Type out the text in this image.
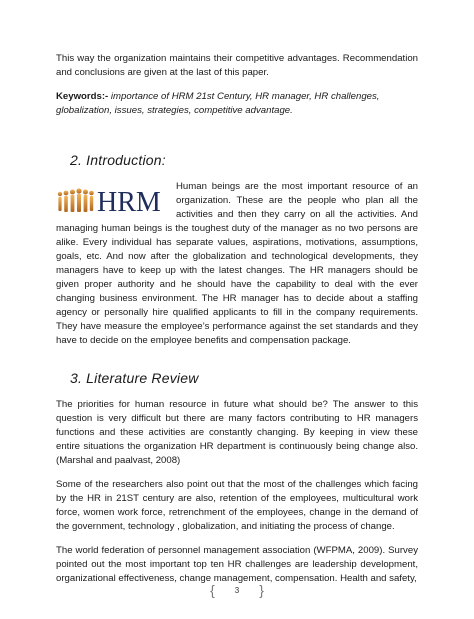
This way the organization maintains their competitive advantages. Recommendation and conclusions are given at the last of this paper.

Keywords:- importance of HRM 21st Century, HR manager, HR challenges, globalization, issues, strategies, competitive advantage.

2. Introduction:
HRM
Human beings are the most important resource of an organization. These are the people who plan all the activities and then they carry on all the activities. And managing human beings is the toughest duty of the manager as no two persons are alike. Every individual has separate values, aspirations, motivations, assumptions, goals, etc. And now after the globalization and technological developments, they managers have to keep up with the latest changes. The HR managers should be given proper authority and he should have the capability to deal with the ever changing business environment. The HR manager has to decide about a staffing agency or personally hire qualified applicants to fill in the company requirements. They have measure the employee’s performance against the set standards and they have to decide on the employee benefits and compensation package.
3. Literature Review

The priorities for human resource in future what should be? The answer to this question is very difficult but there are many factors contributing to HR managers functions and these activities are constantly changing. By keeping in view these entire situations the organization HR department is continuously being change also. (Marshal and paalvast, 2008)

Some of the researchers also point out that the most of the challenges which facing by the HR in 21ST century are also, retention of the employees, multicultural work force, women work force, retrenchment of the employees, change in the demand of the government, technology , globalization, and initiating the process of change.

The world federation of personnel management association (WFPMA, 2009). Survey pointed out the most important top ten HR challenges are leadership development, organizational effectiveness, change management, compensation. Health and safety,

{	3 }
